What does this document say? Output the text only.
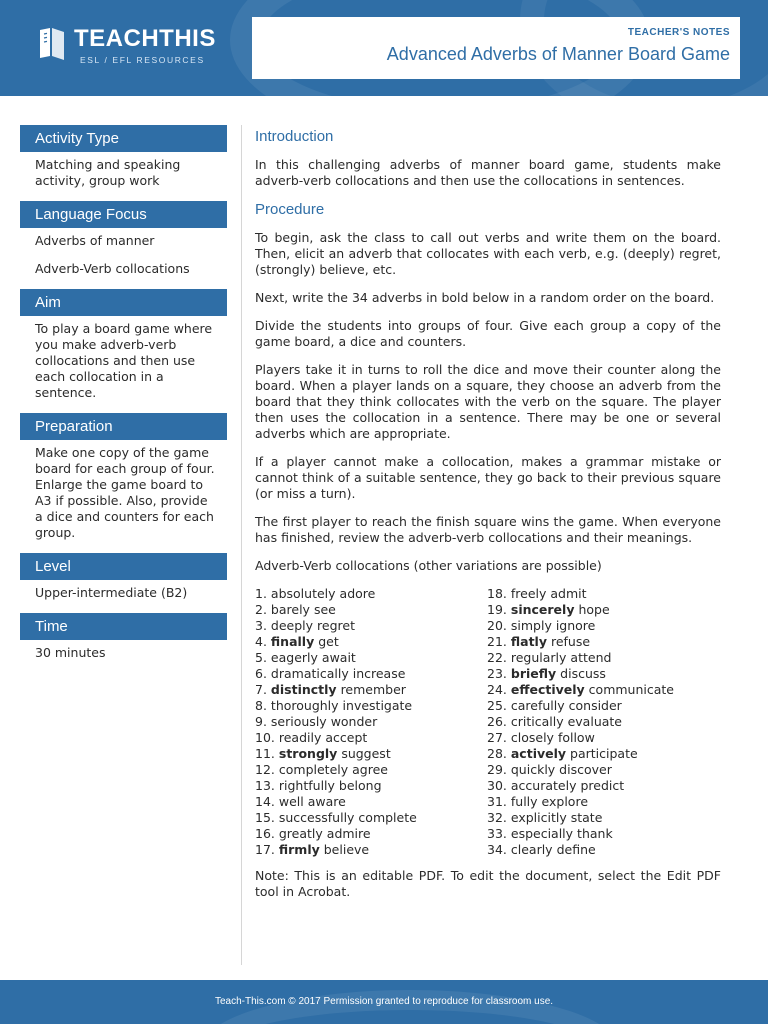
TEACHTHIS
ESL / EFL RESOURCES
TEACHER'S NOTES
Advanced Adverbs of Manner Board Game
Activity Type

Matching and speaking activity, group work

Language Focus

Adverbs of manner

Adverb-Verb collocations

Aim

To play a board game where you make adverb-verb collocations and then use each collocation in a sentence.

Preparation

Make one copy of the game board for each group of four. Enlarge the game board to A3 if possible. Also, provide a dice and counters for each group.

Level

Upper-intermediate (B2)

Time

30 minutes

Introduction

In this challenging adverbs of manner board game, students make adverb-verb collocations and then use the collocations in sentences.

Procedure

To begin, ask the class to call out verbs and write them on the board. Then, elicit an adverb that collocates with each verb, e.g. (deeply) regret, (strongly) believe, etc.

Next, write the 34 adverbs in bold below in a random order on the board.

Divide the students into groups of four. Give each group a copy of the game board, a dice and counters.

Players take it in turns to roll the dice and move their counter along the board. When a player lands on a square, they choose an adverb from the board that they think collocates with the verb on the square. The player then uses the collocation in a sentence. There may be one or several adverbs which are appropriate.

If a player cannot make a collocation, makes a grammar mistake or cannot think of a suitable sentence, they go back to their previous square (or miss a turn).

The first player to reach the finish square wins the game. When everyone has finished, review the adverb-verb collocations and their meanings.

Adverb-Verb collocations (other variations are possible)

1. absolutely adore
2. barely see
3. deeply regret
4. finally get
5. eagerly await
6. dramatically increase
7. distinctly remember
8. thoroughly investigate
9. seriously wonder
10. readily accept
11. strongly suggest
12. completely agree
13. rightfully belong
14. well aware
15. successfully complete
16. greatly admire
17. firmly believe
18. freely admit
19. sincerely hope
20. simply ignore
21. flatly refuse
22. regularly attend
23. briefly discuss
24. effectively communicate
25. carefully consider
26. critically evaluate
27. closely follow
28. actively participate
29. quickly discover
30. accurately predict
31. fully explore
32. explicitly state
33. especially thank
34. clearly define

Note: This is an editable PDF. To edit the document, select the Edit PDF tool in Acrobat.

Teach-This.com © 2017 Permission granted to reproduce for classroom use.
